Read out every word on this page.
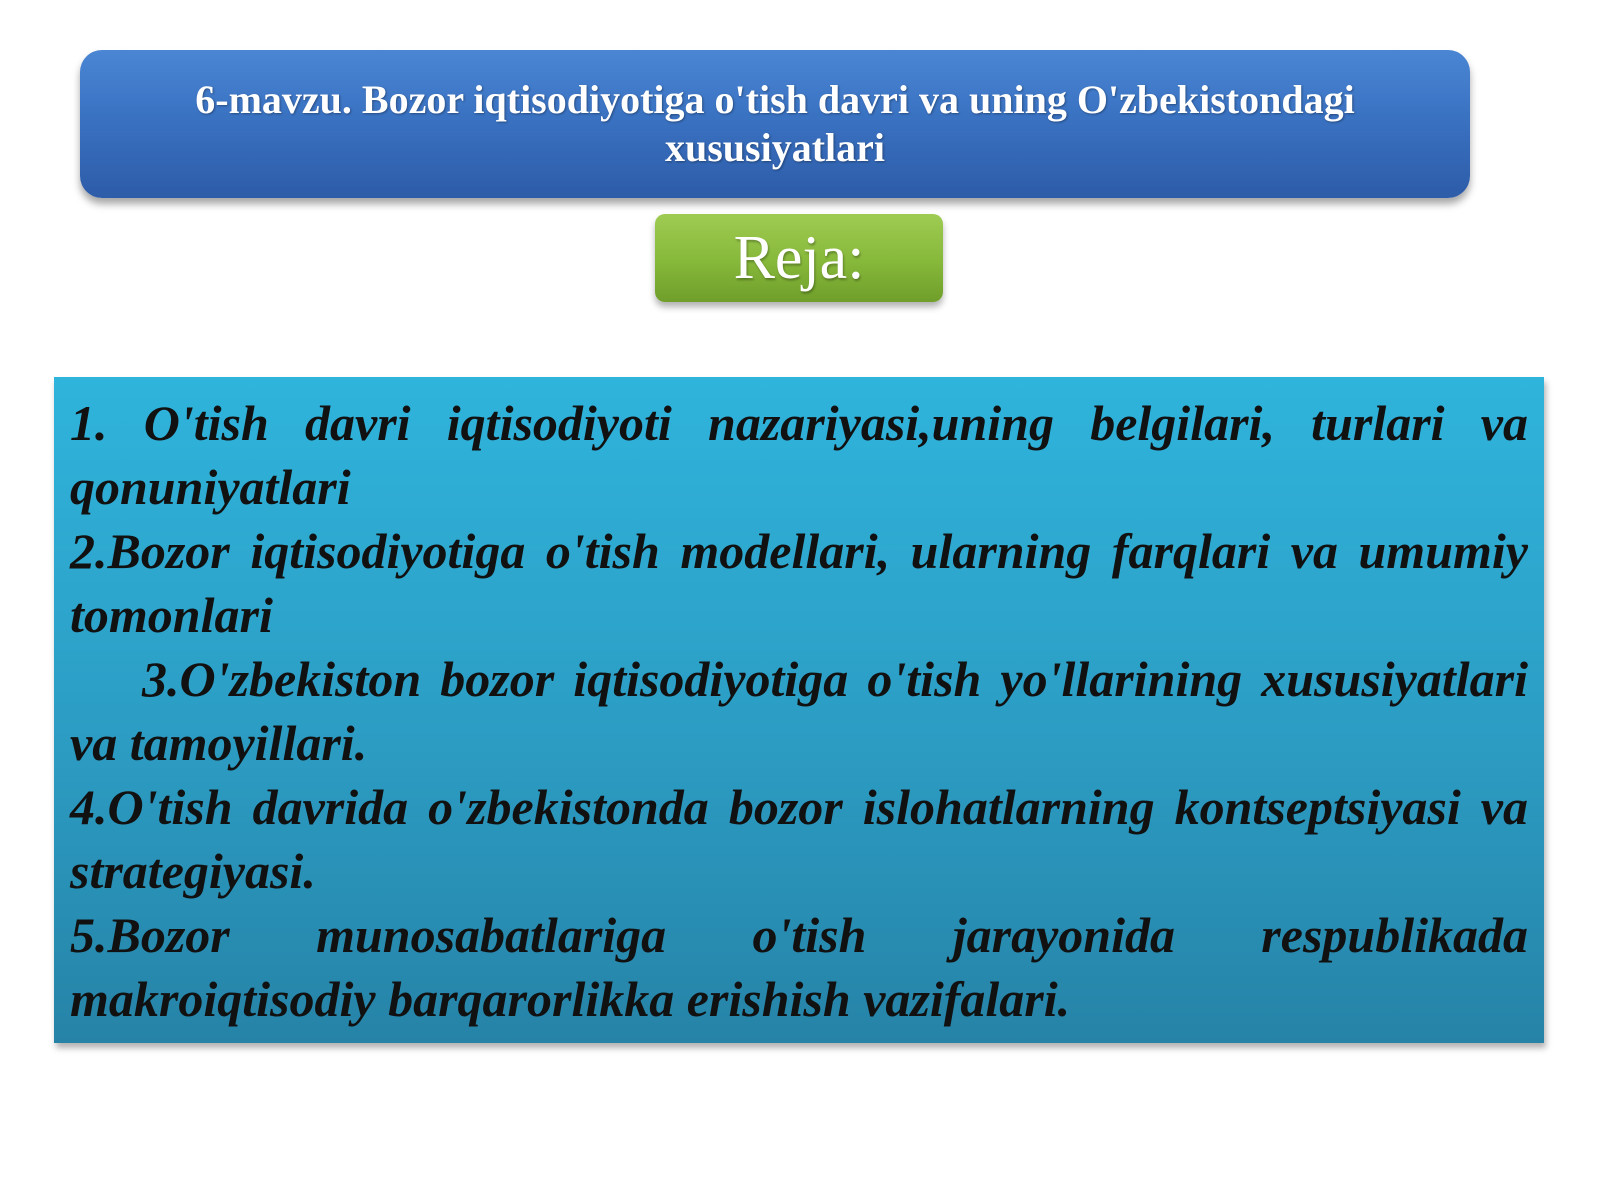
6-mavzu. Bozor iqtisodiyotiga o'tish davri va uning O'zbekistondagi xususiyatlari
Reja:

1. O'tish davri iqtisodiyoti nazariyasi,uning belgilari, turlari va qonuniyatlari

2.Bozor iqtisodiyotiga o'tish modellari, ularning farqlari va umumiy tomonlari

3.O'zbekiston bozor iqtisodiyotiga o'tish yo'llarining xususiyatlari va tamoyillari.

4.O'tish davrida o'zbekistonda bozor islohatlarning kontseptsiyasi va strategiyasi.

5.Bozor munosabatlariga o'tish jarayonida respublikada makroiqtisodiy barqarorlikka erishish vazifalari.
